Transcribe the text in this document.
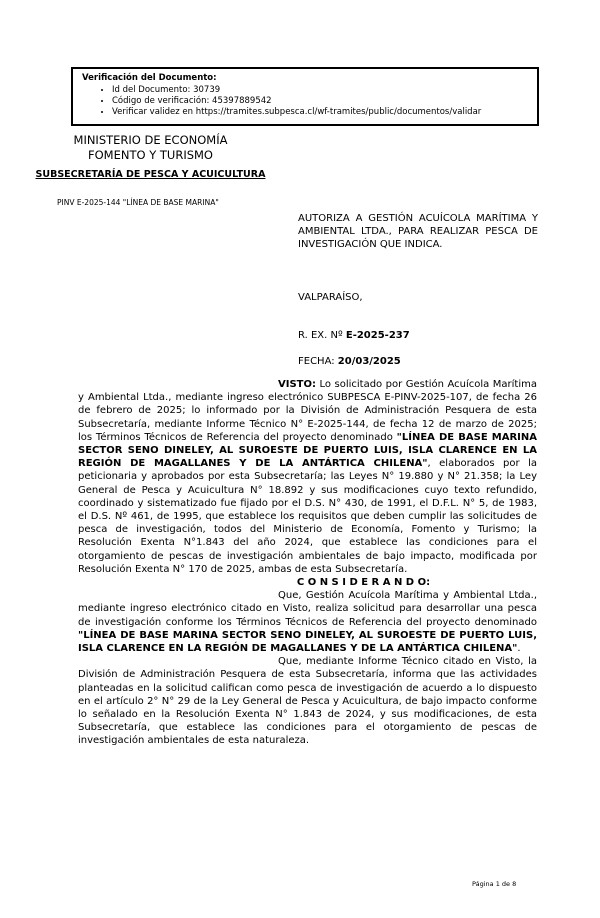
Verificación del Documento:
• Id del Documento: 30739
• Código de verificación: 45397889542
• Verificar validez en https://tramites.subpesca.cl/wf-tramites/public/documentos/validar
MINISTERIO DE ECONOMÍA
FOMENTO Y TURISMO
SUBSECRETARÍA DE PESCA Y ACUICULTURA
PINV E-2025-144 "LÍNEA DE BASE MARINA"
AUTORIZA A GESTIÓN ACUÍCOLA MARÍTIMA Y AMBIENTAL LTDA., PARA REALIZAR PESCA DE INVESTIGACIÓN QUE INDICA.
VALPARAÍSO,
R. EX. Nº E-2025-237
FECHA: 20/03/2025

VISTO: Lo solicitado por Gestión Acuícola Marítima y Ambiental Ltda., mediante ingreso electrónico SUBPESCA E-PINV-2025-107, de fecha 26 de febrero de 2025; lo informado por la División de Administración Pesquera de esta Subsecretaría, mediante Informe Técnico N° E-2025-144, de fecha 12 de marzo de 2025; los Términos Técnicos de Referencia del proyecto denominado "LÍNEA DE BASE MARINA SECTOR SENO DINELEY, AL SUROESTE DE PUERTO LUIS, ISLA CLARENCE EN LA REGIÓN DE MAGALLANES Y DE LA ANTÁRTICA CHILENA", elaborados por la peticionaria y aprobados por esta Subsecretaría; las Leyes N° 19.880 y N° 21.358; la Ley General de Pesca y Acuicultura N° 18.892 y sus modificaciones cuyo texto refundido, coordinado y sistematizado fue fijado por el D.S. N° 430, de 1991, el D.F.L. N° 5, de 1983, el D.S. Nº 461, de 1995, que establece los requisitos que deben cumplir las solicitudes de pesca de investigación, todos del Ministerio de Economía, Fomento y Turismo; la Resolución Exenta N°1.843 del año 2024, que establece las condiciones para el otorgamiento de pescas de investigación ambientales de bajo impacto, modificada por Resolución Exenta N° 170 de 2025, ambas de esta Subsecretaría.

C O N S I D E R A N D O:

Que, Gestión Acuícola Marítima y Ambiental Ltda., mediante ingreso electrónico citado en Visto, realiza solicitud para desarrollar una pesca de investigación conforme los Términos Técnicos de Referencia del proyecto denominado "LÍNEA DE BASE MARINA SECTOR SENO DINELEY, AL SUROESTE DE PUERTO LUIS, ISLA CLARENCE EN LA REGIÓN DE MAGALLANES Y DE LA ANTÁRTICA CHILENA".

Que, mediante Informe Técnico citado en Visto, la División de Administración Pesquera de esta Subsecretaría, informa que las actividades planteadas en la solicitud califican como pesca de investigación de acuerdo a lo dispuesto en el artículo 2° N° 29 de la Ley General de Pesca y Acuicultura, de bajo impacto conforme lo señalado en la Resolución Exenta N° 1.843 de 2024, y sus modificaciones, de esta Subsecretaría, que establece las condiciones para el otorgamiento de pescas de investigación ambientales de esta naturaleza.

Página 1 de 8
